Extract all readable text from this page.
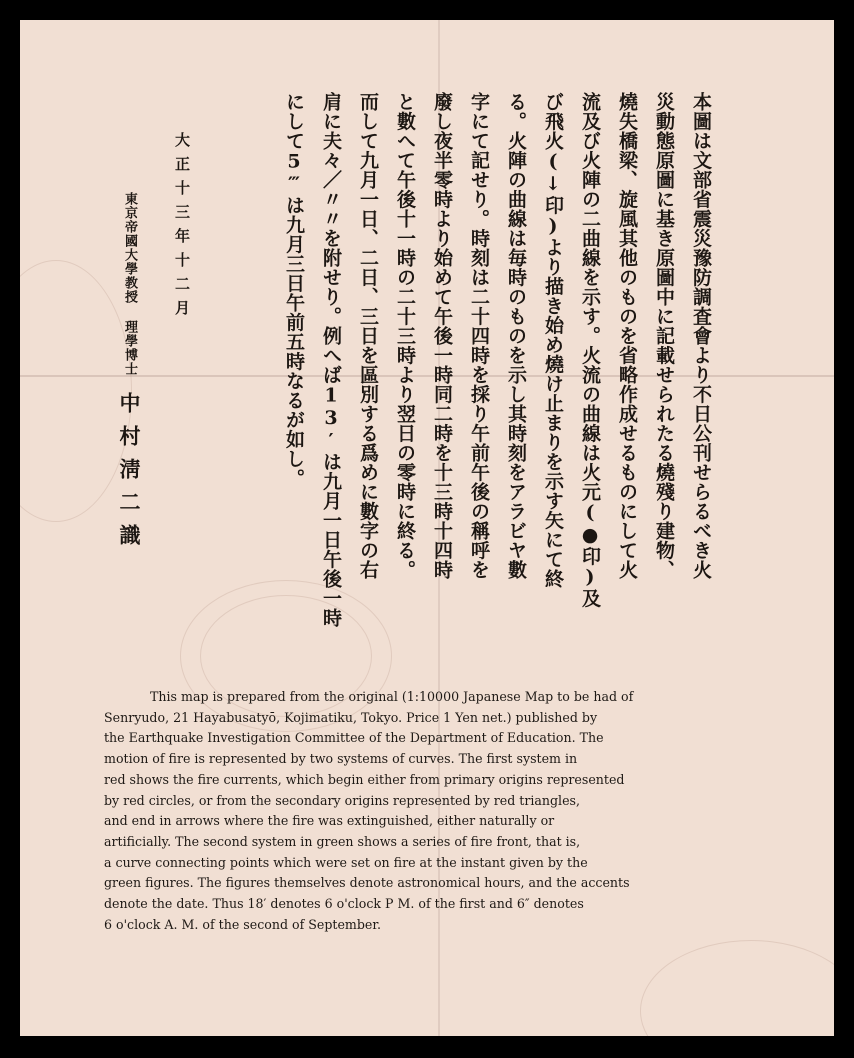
本圖は文部省震災豫防調査會より不日公刊せらるべき火
災動態原圖に基き原圖中に記載せられたる燒殘り建物、
燒失橋梁、旋風其他のものを省略作成せるものにして火
流及び火陣の二曲線を示す。火流の曲線は火元(●印)及
び飛火(↓印)より描き始め燒け止まりを示す矢にて終
る。火陣の曲線は毎時のものを示し其時刻をアラビヤ數
字にて記せり。時刻は二十四時を採り午前午後の稱呼を
廢し夜半零時より始めて午後一時同二時を十三時十四時
と數へて午後十一時の二十三時より翌日の零時に終る。
而して九月一日、二日、三日を區別する爲めに數字の右
肩に夫々／〃〃を附せり。例へば13′は九月一日午後一時
にして5‴は九月三日午前五時なるが如し。
大正十三年十二月
東京帝國大學教授理學博士中村淸二識
This map is prepared from the original (1:10000 Japanese Map to be had of
Senryudo, 21 Hayabusatyō, Kojimatiku, Tokyo. Price 1 Yen net.) published by
the Earthquake Investigation Committee of the Department of Education. The
motion of fire is represented by two systems of curves. The first system in
red shows the fire currents, which begin either from primary origins represented
by red circles, or from the secondary origins represented by red triangles,
and end in arrows where the fire was extinguished, either naturally or
artificially. The second system in green shows a series of fire front, that is,
a curve connecting points which were set on fire at the instant given by the
green figures. The figures themselves denote astronomical hours, and the accents
denote the date. Thus 18′ denotes 6 o'clock P M. of the first and 6″ denotes
6 o'clock A. M. of the second of September.
